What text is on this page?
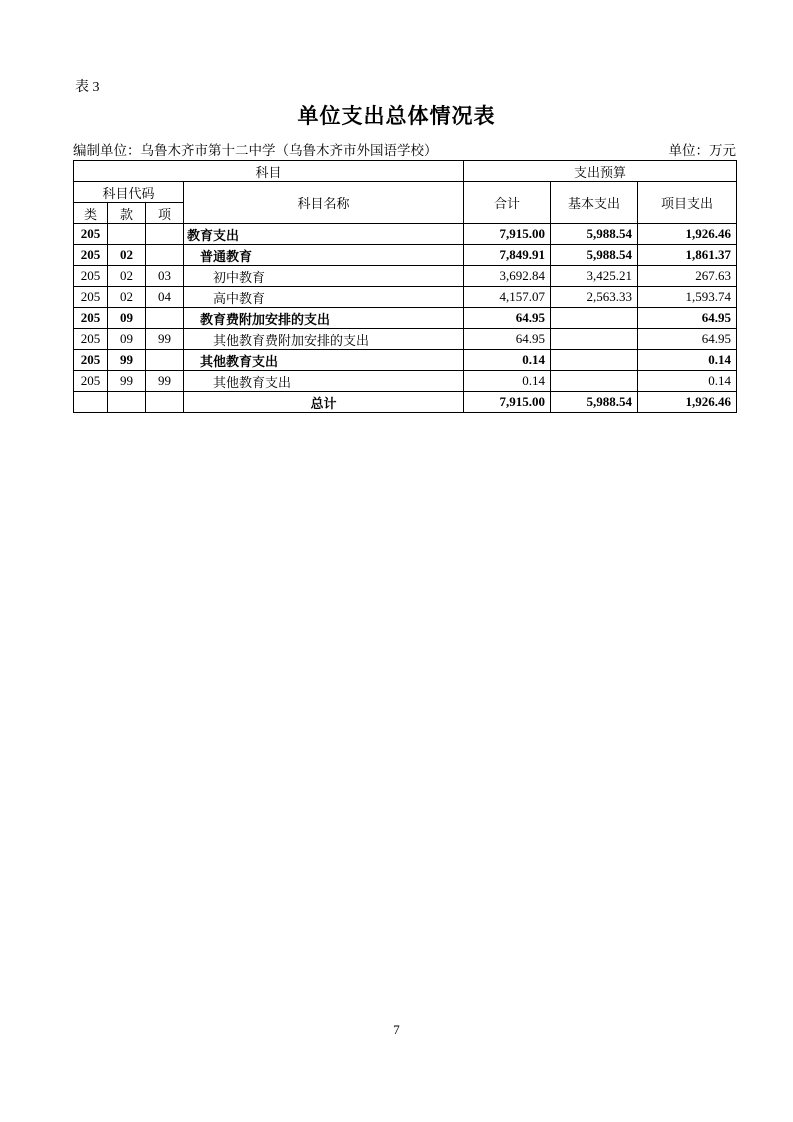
表 3
单位支出总体情况表
编制单位：乌鲁木齐市第十二中学（乌鲁木齐市外国语学校）	单位：万元
科目				支出预算		
科目代码			科目名称	合计	基本支出	项目支出
类	款	项				
205			教育支出	7,915.00	5,988.54	1,926.46
205	02		普通教育	7,849.91	5,988.54	1,861.37
205	02	03	初中教育	3,692.84	3,425.21	267.63
205	02	04	高中教育	4,157.07	2,563.33	1,593.74
205	09		教育费附加安排的支出	64.95		64.95
205	09	99	其他教育费附加安排的支出	64.95		64.95
205	99		其他教育支出	0.14		0.14
205	99	99	其他教育支出	0.14		0.14
			总计	7,915.00	5,988.54	1,926.46
7
